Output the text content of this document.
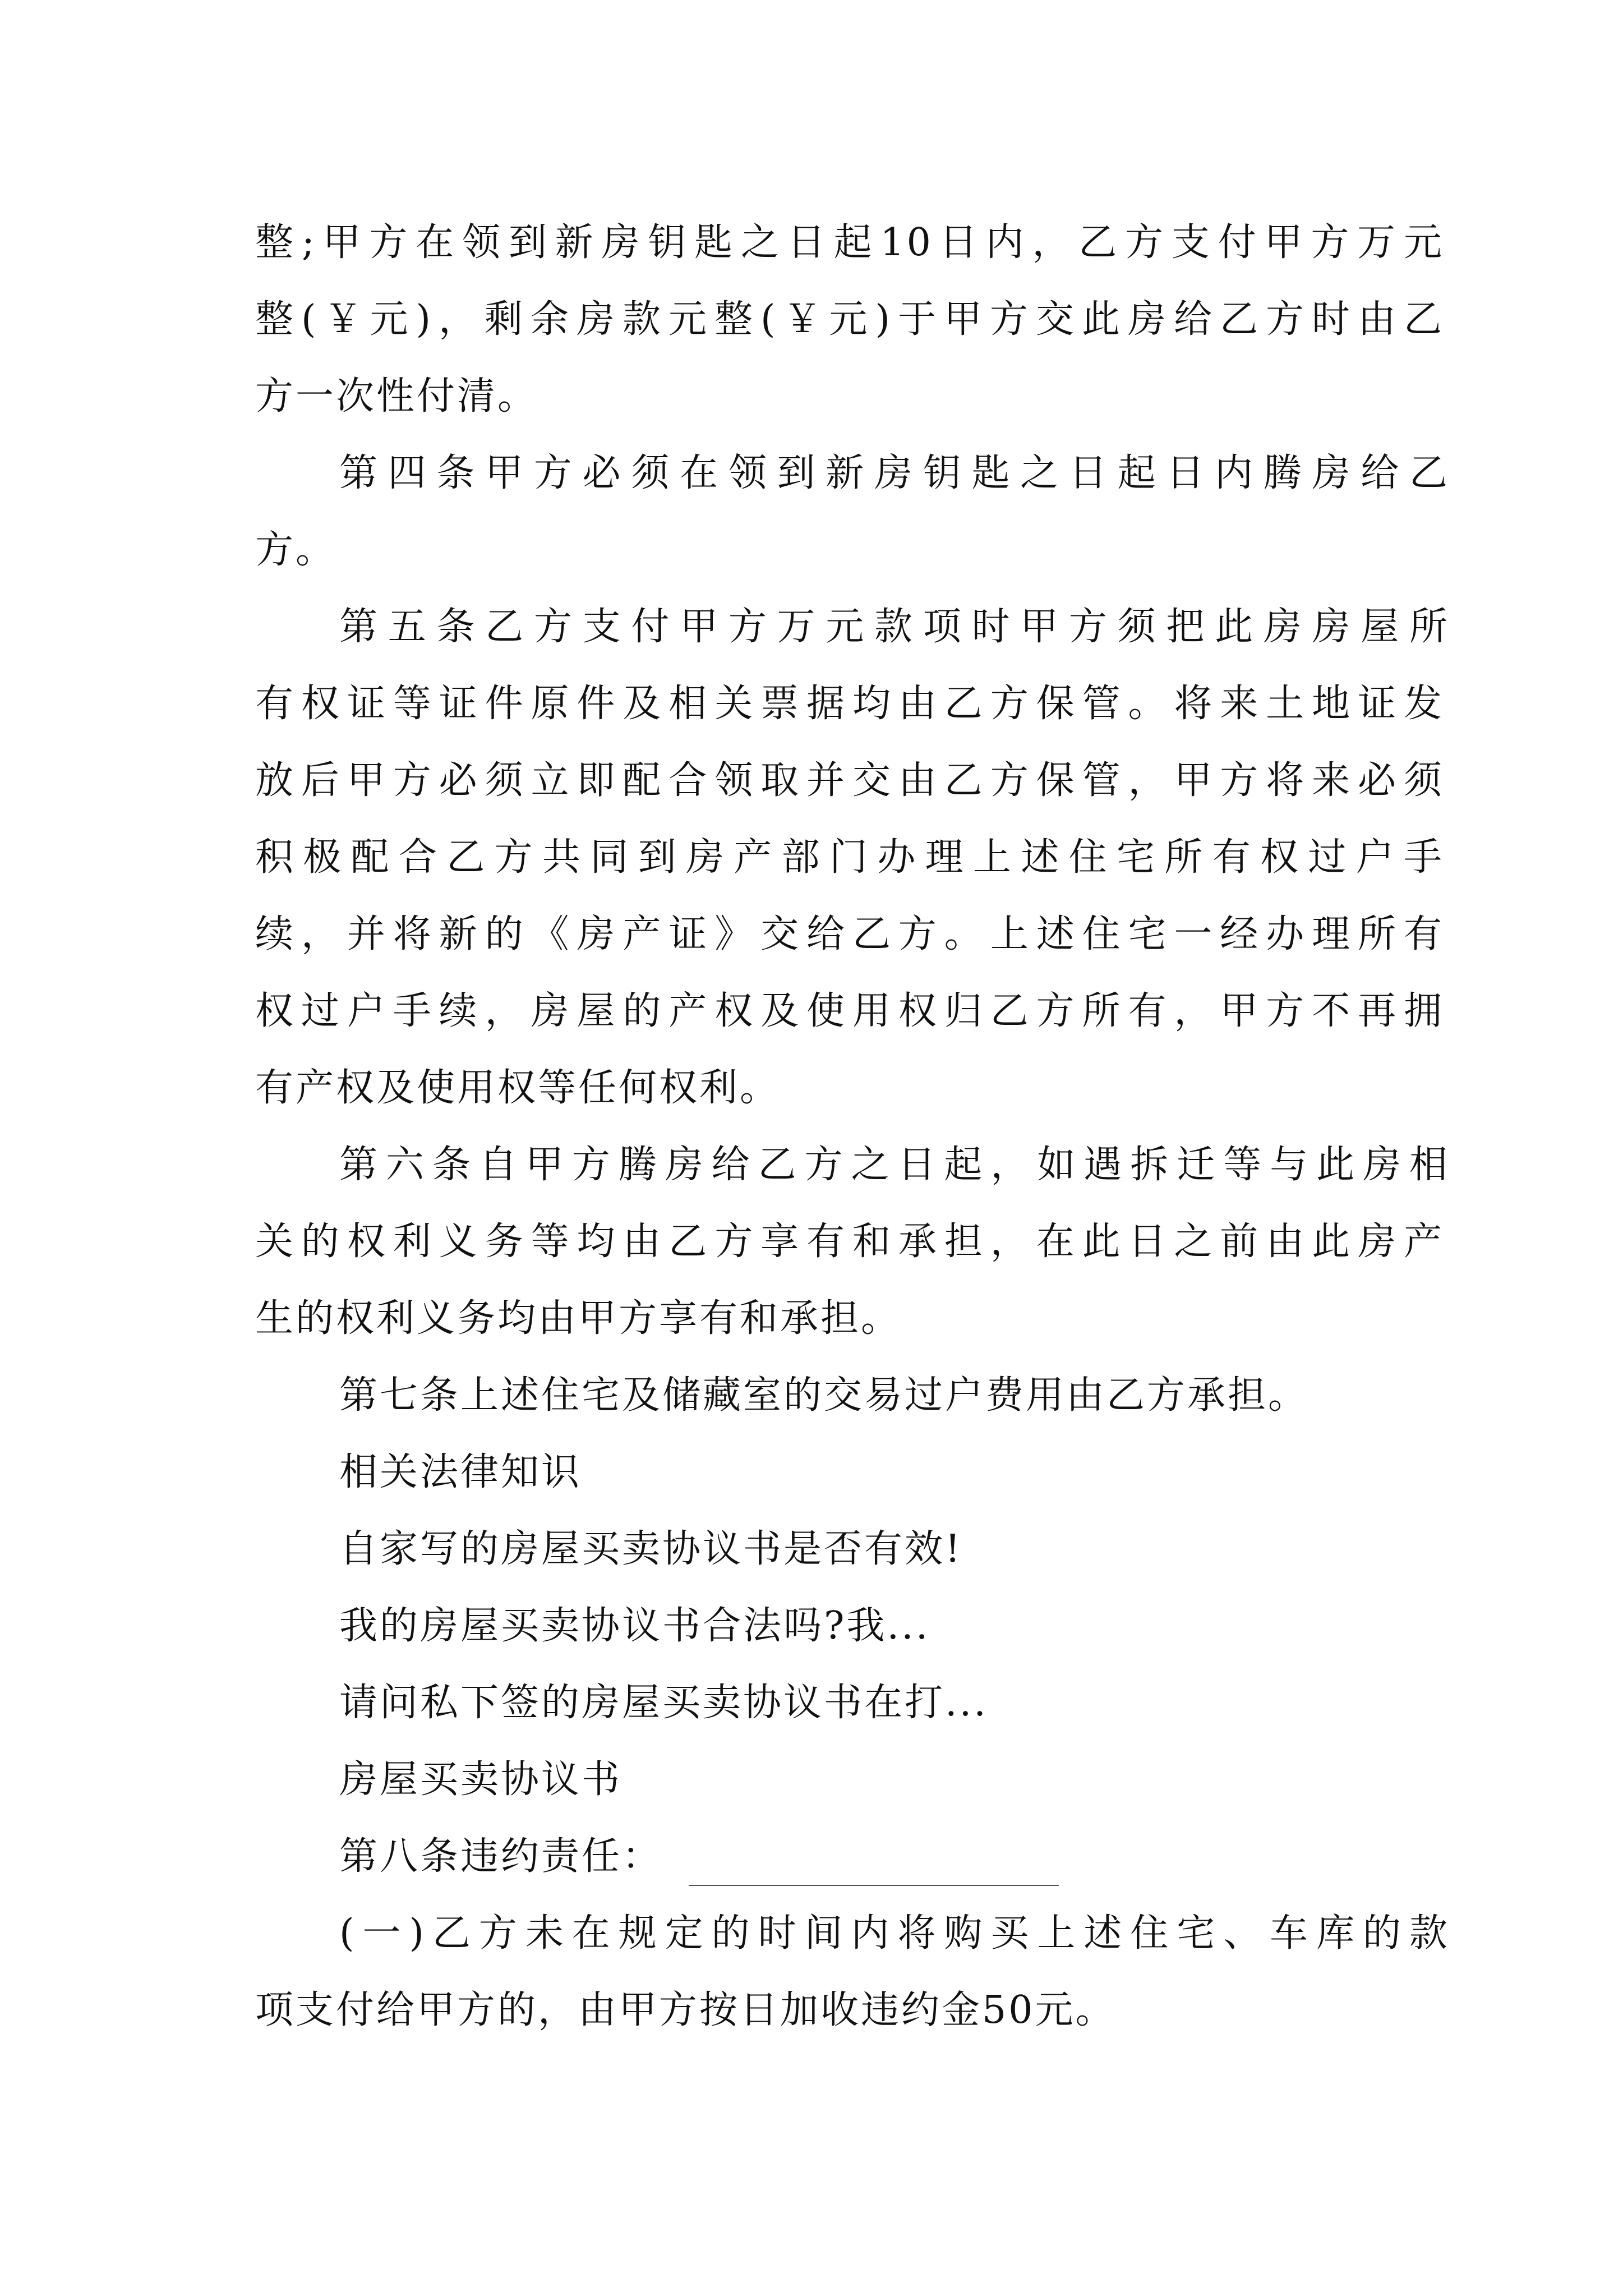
整;甲方在领到新房钥匙之日起10日内，乙方支付甲方万元
整(￥元)，剩余房款元整(￥元)于甲方交此房给乙方时由乙
方一次性付清。
第四条甲方必须在领到新房钥匙之日起日内腾房给乙
方。
第五条乙方支付甲方万元款项时甲方须把此房房屋所
有权证等证件原件及相关票据均由乙方保管。将来土地证发
放后甲方必须立即配合领取并交由乙方保管，甲方将来必须
积极配合乙方共同到房产部门办理上述住宅所有权过户手
续，并将新的《房产证》交给乙方。上述住宅一经办理所有
权过户手续，房屋的产权及使用权归乙方所有，甲方不再拥
有产权及使用权等任何权利。
第六条自甲方腾房给乙方之日起，如遇拆迁等与此房相
关的权利义务等均由乙方享有和承担，在此日之前由此房产
生的权利义务均由甲方享有和承担。
第七条上述住宅及储藏室的交易过户费用由乙方承担。
相关法律知识
自家写的房屋买卖协议书是否有效!
我的房屋买卖协议书合法吗?我...
请问私下签的房屋买卖协议书在打...
房屋买卖协议书
第八条违约责任：
(一)乙方未在规定的时间内将购买上述住宅、车库的款
项支付给甲方的，由甲方按日加收违约金50元。
